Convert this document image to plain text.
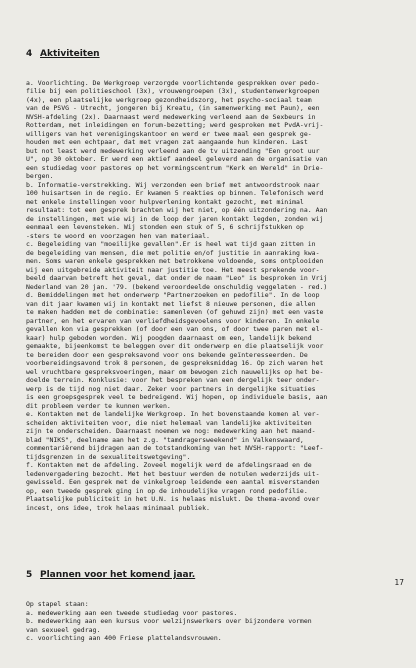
4 Aktiviteiten

a. Voorlichting. De Werkgroep verzorgde voorlichtende gesprekken over pedo-
filie bij een politieschool (3x), vrouwengroepen (3x), studentenwerkgroepen
(4x), een plaatselijke werkgroep gezondheidszorg, het psycho-sociaal team
van de PSVG - Utrecht, jongeren bij Kreatu, (in samenwerking met Paun), een
NVSH-afdeling (2x). Daarnaast werd medewerking verleend aan de Sexbeurs in
Rotterdam, met inleidingen en forum-bezetting; werd gesproken met PvdA-vrij-
willigers van het verenigingskantoor en werd er twee maal een gesprek ge-
houden met een echtpaar, dat met vragen zat aangaande hun kinderen. Last
but not least werd medewerking verleend aan de tv uitzending "Een groot uur
U", op 30 oktober. Er werd een aktief aandeel geleverd aan de organisatie van
een studiedag voor pastores op het vormingscentrum "Kerk en Wereld" in Drie-
bergen.
b. Informatie-verstrekking. Wij verzonden een brief met antwoordstrook naar
100 huisartsen in de regio. Er kwamen 5 reakties op binnen. Telefonisch werd
met enkele instellingen voor hulpverlening kontakt gezocht, met minimal
resultaat: tot een gesprek brachten wij het niet, op één uitzondering na. Aan
de instellingen, met wie wij in de loop der jaren kontakt legden, zonden wij
eenmaal een levensteken. Wij stonden een stuk of 5, 6 schrijfstukken op
-sters te woord en voorzagen hen van materiaal.
c. Begeleiding van "moeilijke gevallen".Er is heel wat tijd gaan zitten in
de begeleiding van mensen, die met politie en/of justitie in aanraking kwa-
men. Soms waren enkele gesprekken met betrokkene voldoende, soms ontplooiden
wij een uitgebreide aktiviteit naar justitie toe. Het meest sprekende voor-
beeld daarvan betreft het geval, dat onder de naam "Leo" is besproken in Vrij
Nederland van 20 jan. '79. (bekend veroordeelde onschuldig veggelaten - red.)
d. Bemiddelingen met het onderwerp "Partnerzoeken en pedofilie". In de loop
van dit jaar kwamen wij in kontakt met liefst 8 nieuwe personen, die allen
te maken hadden met de combinatie: samenleven (of gehuwd zijn) met een vaste
partner, en het ervaren van verliefdheidsgevoelens voor kinderen. In enkele
gevallen kon via gesprekken (of door een van ons, of door twee paren met el-
kaar) hulp geboden worden. Wij poogden daarnaast om een, landelijk bekend
gemaakte, bijeenkomst te beleggen over dit onderwerp en die plaatselijk voor
te bereiden door een gespreksavond voor ons bekende geïnteresseerden. De
voorbereidingsavond trok 8 personen, de gespreksmiddag 16. Op zich waren het
wel vruchtbare gespreksvoeringen, maar om bewogen zich nauwelijks op het be-
doelde terrein. Konklusie: voor het bespreken van een dergelijk teer onder-
werp is de tijd nog niet daar. Zeker voor partners in dergelijke situaties
is een groepsgesprek veel te bedreigend. Wij hopen, op individuele basis, aan
dit probleem verder te kunnen werken.
e. Kontakten met de landelijke Werkgroep. In het bovenstaande komen al ver-
scheiden aktiviteiten voor, die niet helemaal van landelijke aktiviteiten
zijn te onderscheiden. Daarnaast noemen we nog: medewerking aan het maand-
blad "NIKS", deelname aan het z.g. "tamdragersweekend" in Valkenswaard,
commentariërend bijdragen aan de totstandkoming van het NVSH-rapport: "Leef-
tijdsgrenzen in de sexualiteitswetgeving".
f. Kontakten met de afdeling. Zoveel mogelijk werd de afdelingsraad en de
ledenvergadering bezocht. Met het bestuur werden de notulen wederzijds uit-
gewisseld. Een gesprek met de vinkelgroep leidende een aantal misverstanden
op, een tweede gesprek ging in op de inhoudelijke vragen rond pedofilie.
Plaatselijke publiciteit in het U.N. is helaas mislukt. De thema-avond over
incest, ons idee, trok helaas minimaal publiek.

5 Plannen voor het komend jaar.

Op stapel staan:
a. medewerking aan een tweede studiedag voor pastores.
b. medewerking aan een kursus voor welzijnswerkers over bijzondere vormen
van sexueel gedrag.
c. voorlichting aan 400 Friese plattelandsvrouwen.

17
